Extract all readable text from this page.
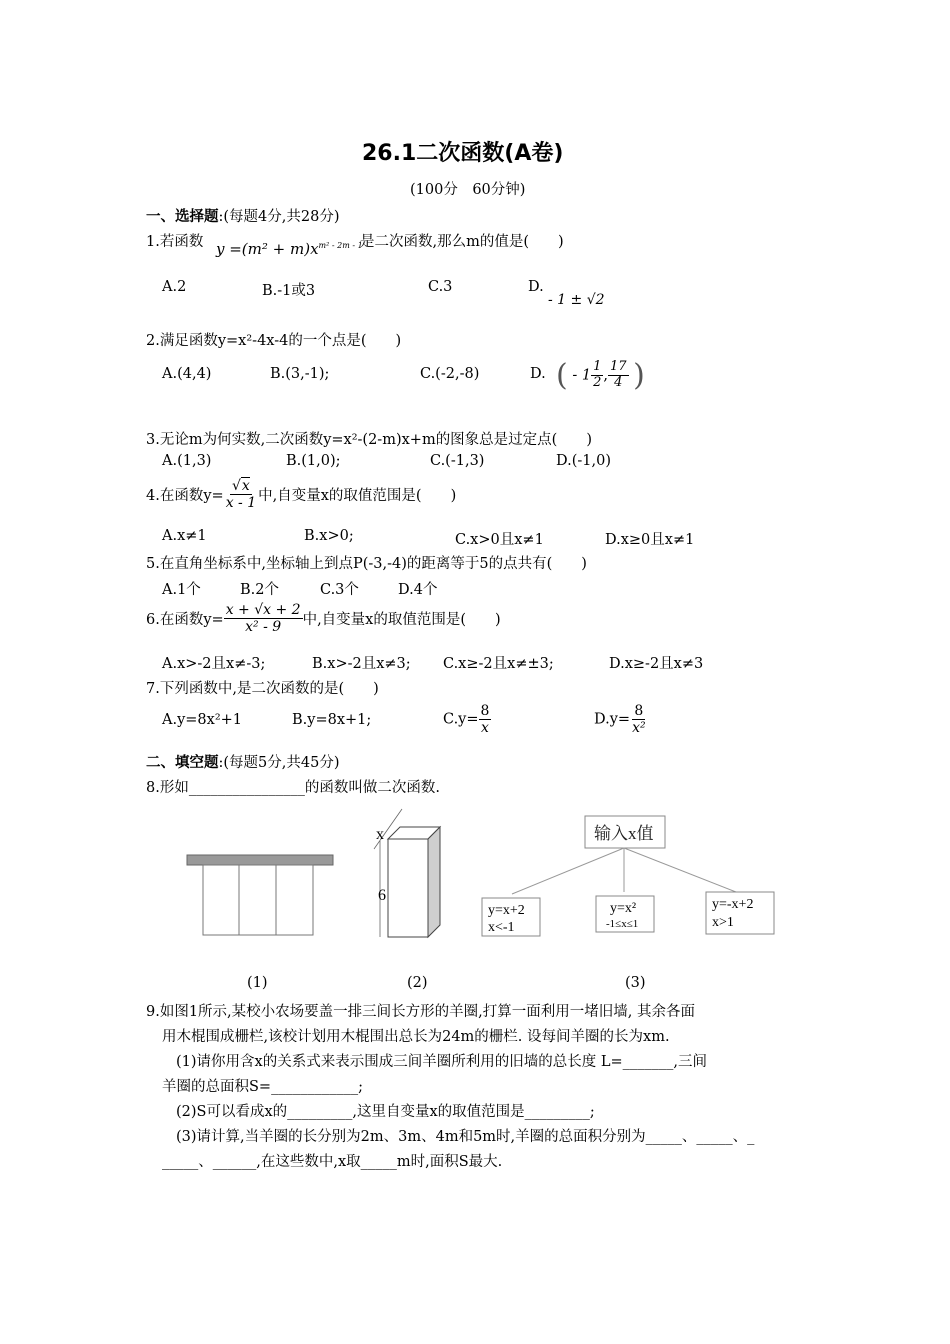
26.1二次函数(A卷)
(100分　60分钟)
一、选择题:(每题4分,共28分)
1.若函数 $y =(m^2 + m)x^{m^2 - 2m - 1}$
是二次函数,那么m的值是(　　)
A.2	B.-1或3	C.3	D.
- 1 ± √2
2.满足函数y=x²-4x-4的一个点是(　　)
A.(4,4)	B.(3,-1);	C.(-2,-8)	D. ( - $1 \frac{1}{2}$ , $\frac{17}{4}$ )
3.无论m为何实数,二次函数y=x²-(2-m)x+m的图象总是过定点(　　)
A.(1,3)	B.(1,0);	C.(-1,3)	D.(-1,0)
4.在函数$y= \frac{√x}{x - 1}$ 中,自变量x的取值范围是(　　)
A.x≠1	B.x>0;	C.x>0且x≠1	D.x≥0且x≠1
5.在直角坐标系中,坐标轴上到点P(-3,-4)的距离等于5的点共有(　　)
A.1个	B.2个	C.3个	D.4个
6.在函数$y= \frac{x + √x + 2}{\text{x² - 9}}$ 中,自变量x的取值范围是(　　)
A.x>-2且x≠-3;	B.x>-2且x≠3; C.x≥-2且x≠±3;	D.x≥-2且x≠3
7.下列函数中,是二次函数的是(　　)
A.y=8x²+1	B.y=8x+1;	$C.y= \frac{8}{x}$	$D.y= \frac{8}{\text{x²}}$
二、填空题:(每题5分,共45分)
8.形如________________的函数叫做二次函数.
x
6
输入x值
y=x+2
x<-1
y=x²
-1≤x≤1
y=-x+2
x>1
(1)	(2)	(3)
9.如图1所示,某校小农场要盖一排三间长方形的羊圈,打算一面利用一堵旧墙, 其余各面
用木棍围成栅栏,该校计划用木棍围出总长为24m的栅栏. 设每间羊圈的长为xm.
(1)请你用含x的关系式来表示围成三间羊圈所利用的旧墙的总长度 L=_______,三间
羊圈的总面积S=____________;
(2)S可以看成x的_________,这里自变量x的取值范围是_________;
(3)请计算,当羊圈的长分别为2m、3m、4m和5m时,羊圈的总面积分别为_____、_____、_
_____、______,在这些数中,x取_____m时,面积S最大.
